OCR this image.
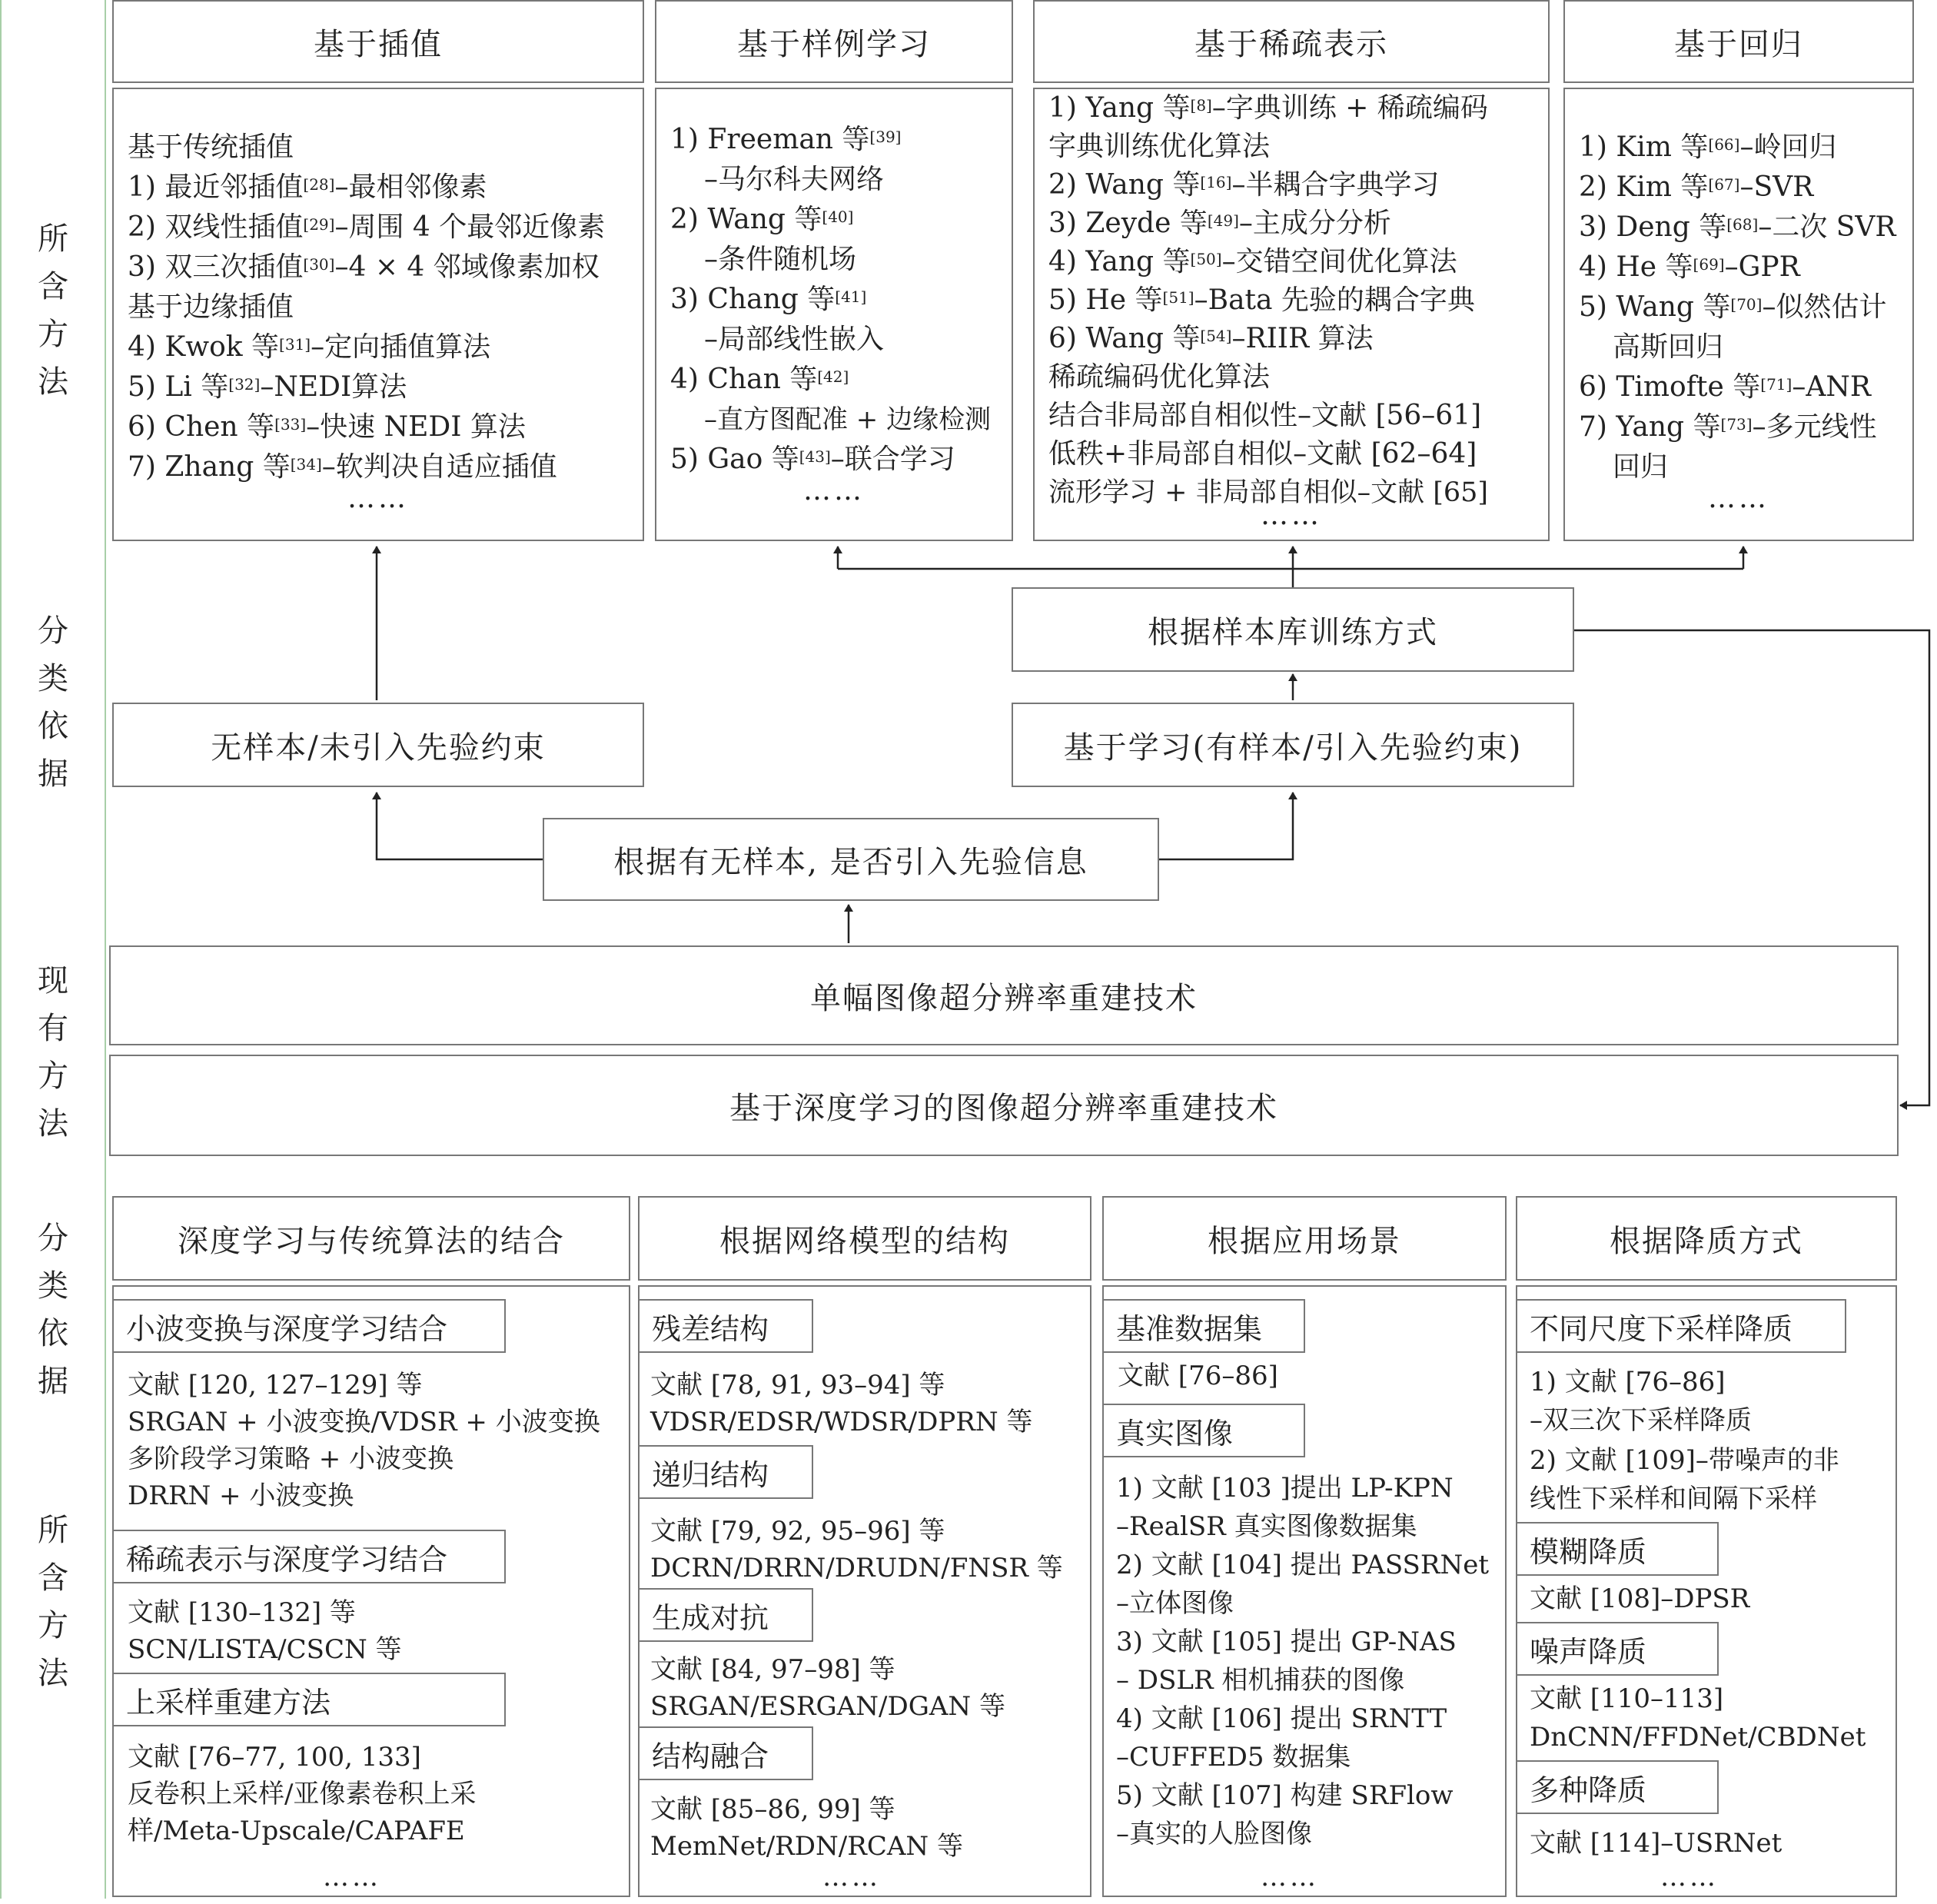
所含方法
分类依据
现有方法
分类依据
所含方法
基于插值	基于样例学习	基于稀疏表示	基于回归
基于传统插值
1) 最近邻插值[28]–最相邻像素
2) 双线性插值[29]–周围 4 个最邻近像素
3) 双三次插值[30]–4 × 4 邻域像素加权
基于边缘插值
4) Kwok 等[31]–定向插值算法
5) Li 等[32]–NEDI算法
6) Chen 等[33]–快速 NEDI 算法
7) Zhang 等[34]–软判决自适应插值
……
1) Freeman 等[39]
–马尔科夫网络
2) Wang 等[40]
–条件随机场
3) Chang 等[41]
–局部线性嵌入
4) Chan 等[42]
–直方图配准 + 边缘检测
5) Gao 等[43]–联合学习
……
1) Yang 等[8]–字典训练 + 稀疏编码
字典训练优化算法
2) Wang 等[16]–半耦合字典学习
3) Zeyde 等[49]–主成分分析
4) Yang 等[50]–交错空间优化算法
5) He 等[51]–Bata 先验的耦合字典
6) Wang 等[54]–RIIR 算法
稀疏编码优化算法
结合非局部自相似性–文献 [56–61]
低秩+非局部自相似–文献 [62–64]
流形学习 + 非局部自相似–文献 [65]
……
1) Kim 等[66]–岭回归
2) Kim 等[67]–SVR
3) Deng 等[68]–二次 SVR
4) He 等[69]–GPR
5) Wang 等[70]–似然估计
高斯回归
6) Timofte 等[71]–ANR
7) Yang 等[73]–多元线性
回归
……
根据样本库训练方式
无样本/未引入先验约束	基于学习(有样本/引入先验约束)
根据有无样本, 是否引入先验信息
单幅图像超分辨率重建技术
基于深度学习的图像超分辨率重建技术
深度学习与传统算法的结合	根据网络模型的结构	根据应用场景	根据降质方式
小波变换与深度学习结合
文献 [120, 127–129] 等
SRGAN + 小波变换/VDSR + 小波变换
多阶段学习策略 + 小波变换
DRRN + 小波变换
稀疏表示与深度学习结合
文献 [130–132] 等
SCN/LISTA/CSCN 等
上采样重建方法
文献 [76–77, 100, 133]
反卷积上采样/亚像素卷积上采
样/Meta-Upscale/CAPAFE
……
残差结构
文献 [78, 91, 93–94] 等
VDSR/EDSR/WDSR/DPRN 等
递归结构
文献 [79, 92, 95–96] 等
DCRN/DRRN/DRUDN/FNSR 等
生成对抗
文献 [84, 97–98] 等
SRGAN/ESRGAN/DGAN 等
结构融合
文献 [85–86, 99] 等
MemNet/RDN/RCAN 等
……
基准数据集
文献 [76–86]
真实图像
1) 文献 [103 ]提出 LP-KPN
–RealSR 真实图像数据集
2) 文献 [104] 提出 PASSRNet
–立体图像
3) 文献 [105] 提出 GP-NAS
– DSLR 相机捕获的图像
4) 文献 [106] 提出 SRNTT
–CUFFED5 数据集
5) 文献 [107] 构建 SRFlow
–真实的人脸图像
……
不同尺度下采样降质
1) 文献 [76–86]
–双三次下采样降质
2) 文献 [109]–带噪声的非
线性下采样和间隔下采样
模糊降质
文献 [108]–DPSR
噪声降质
文献 [110–113]
DnCNN/FFDNet/CBDNet
多种降质
文献 [114]–USRNet
……
